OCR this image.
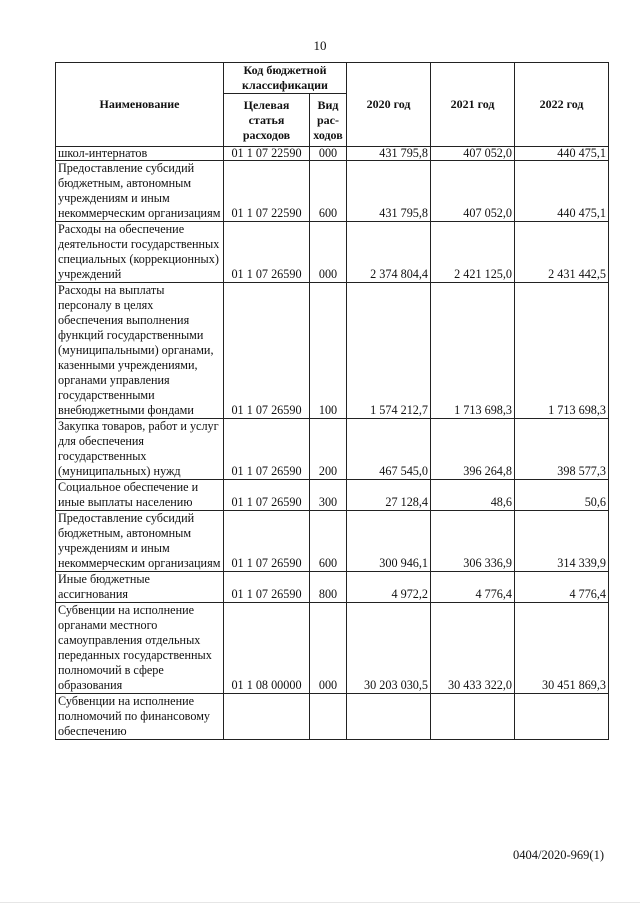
10
Наименование	Код бюджетной классификации		2020 год	2021 год	2022 год
	Целевая статья расходов	Вид рас-ходов			
школ-интернатов	01 1 07 22590	000	431 795,8	407 052,0	440 475,1
Предоставление субсидий бюджетным, автономным учреждениям и иным некоммерческим организациям	01 1 07 22590	600	431 795,8	407 052,0	440 475,1
Расходы на обеспечение деятельности государственных специальных (коррекционных) учреждений	01 1 07 26590	000	2 374 804,4	2 421 125,0	2 431 442,5
Расходы на выплаты персоналу в целях обеспечения выполнения функций государственными (муниципальными) органами, казенными учреждениями, органами управления государственными внебюджетными фондами	01 1 07 26590	100	1 574 212,7	1 713 698,3	1 713 698,3
Закупка товаров, работ и услуг для обеспечения государственных (муниципальных) нужд	01 1 07 26590	200	467 545,0	396 264,8	398 577,3
Социальное обеспечение и иные выплаты населению	01 1 07 26590	300	27 128,4	48,6	50,6
Предоставление субсидий бюджетным, автономным учреждениям и иным некоммерческим организациям	01 1 07 26590	600	300 946,1	306 336,9	314 339,9
Иные бюджетные ассигнования	01 1 07 26590	800	4 972,2	4 776,4	4 776,4
Субвенции на исполнение органами местного самоуправления отдельных переданных государственных полномочий в сфере образования	01 1 08 00000	000	30 203 030,5	30 433 322,0	30 451 869,3
Субвенции на исполнение полномочий по финансовому обеспечению					
0404/2020-969(1)
